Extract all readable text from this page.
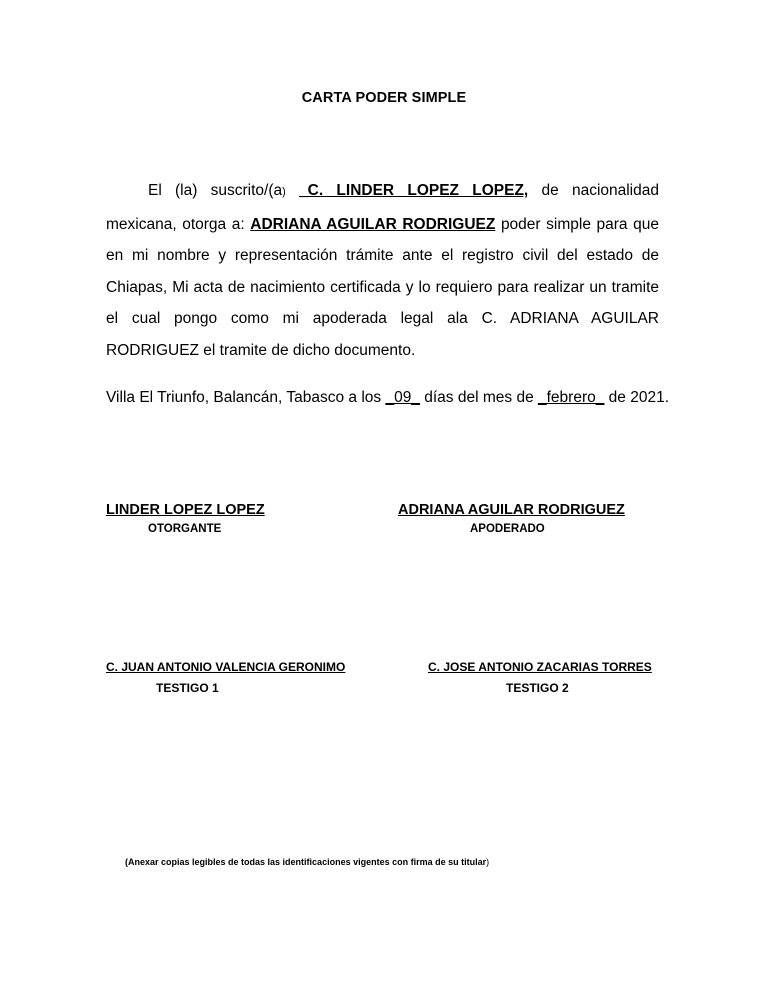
CARTA PODER SIMPLE

El (la) suscrito/(a) _C. LINDER LOPEZ LOPEZ, de nacionalidad mexicana, otorga a: ADRIANA AGUILAR RODRIGUEZ poder simple para que en mi nombre y representación trámite ante el registro civil del estado de Chiapas, Mi acta de nacimiento certificada y lo requiero para realizar un tramite el cual pongo como mi apoderada legal ala C. ADRIANA AGUILAR RODRIGUEZ el tramite de dicho documento.

Villa El Triunfo, Balancán, Tabasco a los _09_ días del mes de _febrero_ de 2021.
LINDER LOPEZ LOPEZ
OTORGANTE
ADRIANA AGUILAR RODRIGUEZ
APODERADO
C. JUAN ANTONIO VALENCIA GERONIMO
TESTIGO 1
C. JOSE ANTONIO ZACARIAS TORRES
TESTIGO 2
(Anexar copias legibles de todas las identificaciones vigentes con firma de su titular)
